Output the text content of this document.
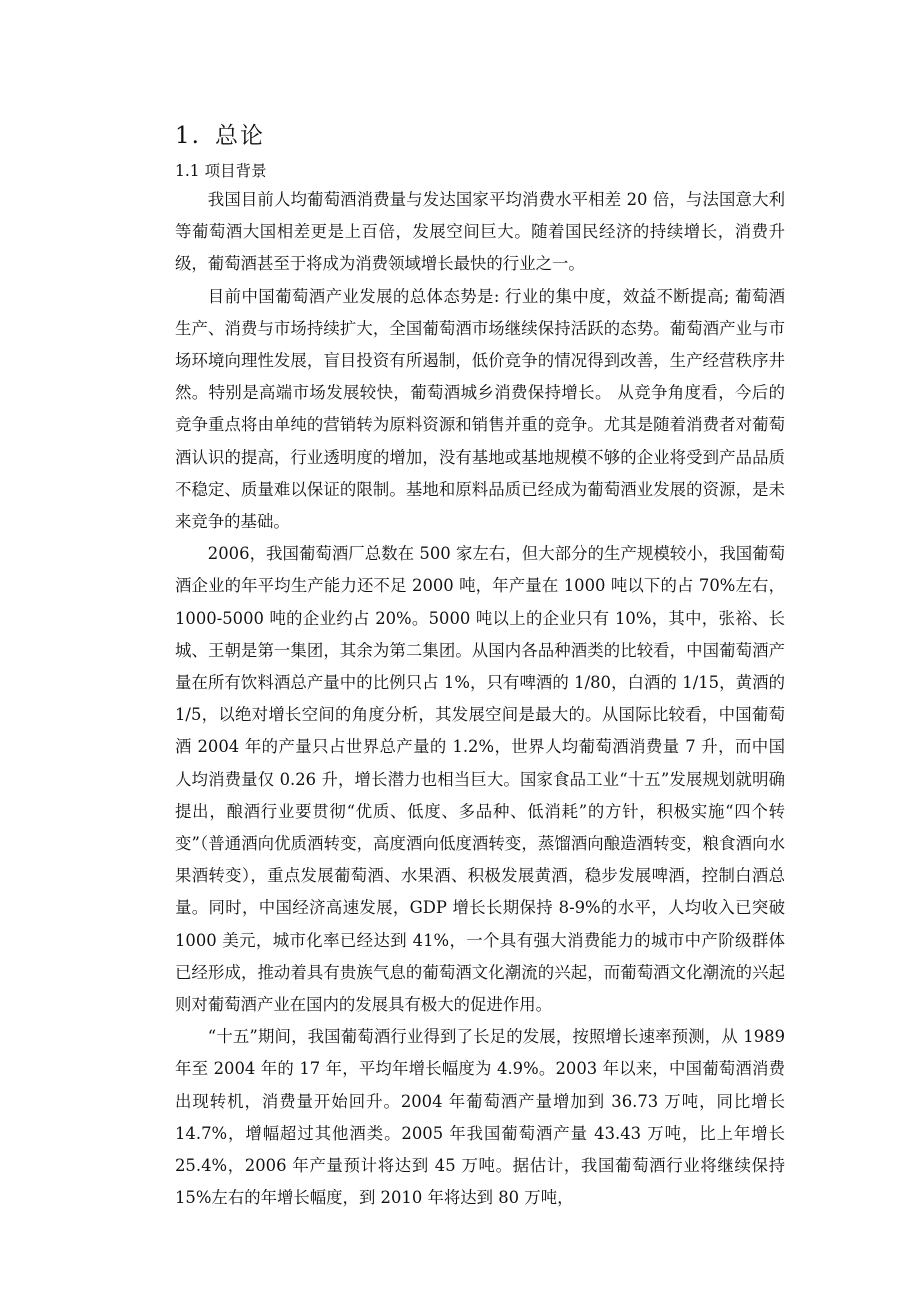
1. 总论
1.1 项目背景

我国目前人均葡萄酒消费量与发达国家平均消费水平相差 20 倍，与法国意大利等葡萄酒大国相差更是上百倍，发展空间巨大。随着国民经济的持续增长，消费升级，葡萄酒甚至于将成为消费领域增长最快的行业之一。

目前中国葡萄酒产业发展的总体态势是: 行业的集中度，效益不断提高; 葡萄酒生产、消费与市场持续扩大，全国葡萄酒市场继续保持活跃的态势。葡萄酒产业与市场环境向理性发展，盲目投资有所遏制，低价竞争的情况得到改善，生产经营秩序井然。特别是高端市场发展较快，葡萄酒城乡消费保持增长。 从竞争角度看，今后的竞争重点将由单纯的营销转为原料资源和销售并重的竞争。尤其是随着消费者对葡萄酒认识的提高，行业透明度的增加，没有基地或基地规模不够的企业将受到产品品质不稳定、质量难以保证的限制。基地和原料品质已经成为葡萄酒业发展的资源，是未来竞争的基础。

2006，我国葡萄酒厂总数在 500 家左右，但大部分的生产规模较小，我国葡萄酒企业的年平均生产能力还不足 2000 吨，年产量在 1000 吨以下的占 70%左右，1000-5000 吨的企业约占 20%。5000 吨以上的企业只有 10%，其中，张裕、长城、王朝是第一集团，其余为第二集团。从国内各品种酒类的比较看，中国葡萄酒产量在所有饮料酒总产量中的比例只占 1%，只有啤酒的 1/80，白酒的 1/15，黄酒的 1/5，以绝对增长空间的角度分析，其发展空间是最大的。从国际比较看，中国葡萄酒 2004 年的产量只占世界总产量的 1.2%，世界人均葡萄酒消费量 7 升，而中国人均消费量仅 0.26 升，增长潜力也相当巨大。国家食品工业“十五”发展规划就明确提出，酿酒行业要贯彻“优质、低度、多品种、低消耗”的方针，积极实施“四个转变”（普通酒向优质酒转变，高度酒向低度酒转变，蒸馏酒向酿造酒转变，粮食酒向水果酒转变），重点发展葡萄酒、水果酒、积极发展黄酒，稳步发展啤酒，控制白酒总量。同时，中国经济高速发展，GDP 增长长期保持 8-9%的水平，人均收入已突破 1000 美元，城市化率已经达到 41%，一个具有强大消费能力的城市中产阶级群体已经形成，推动着具有贵族气息的葡萄酒文化潮流的兴起，而葡萄酒文化潮流的兴起则对葡萄酒产业在国内的发展具有极大的促进作用。

“十五”期间，我国葡萄酒行业得到了长足的发展，按照增长速率预测，从 1989 年至 2004 年的 17 年，平均年增长幅度为 4.9%。2003 年以来，中国葡萄酒消费出现转机，消费量开始回升。2004 年葡萄酒产量增加到 36.73 万吨，同比增长 14.7%，增幅超过其他酒类。2005 年我国葡萄酒产量 43.43 万吨，比上年增长 25.4%，2006 年产量预计将达到 45 万吨。据估计，我国葡萄酒行业将继续保持 15%左右的年增长幅度，到 2010 年将达到 80 万吨，
